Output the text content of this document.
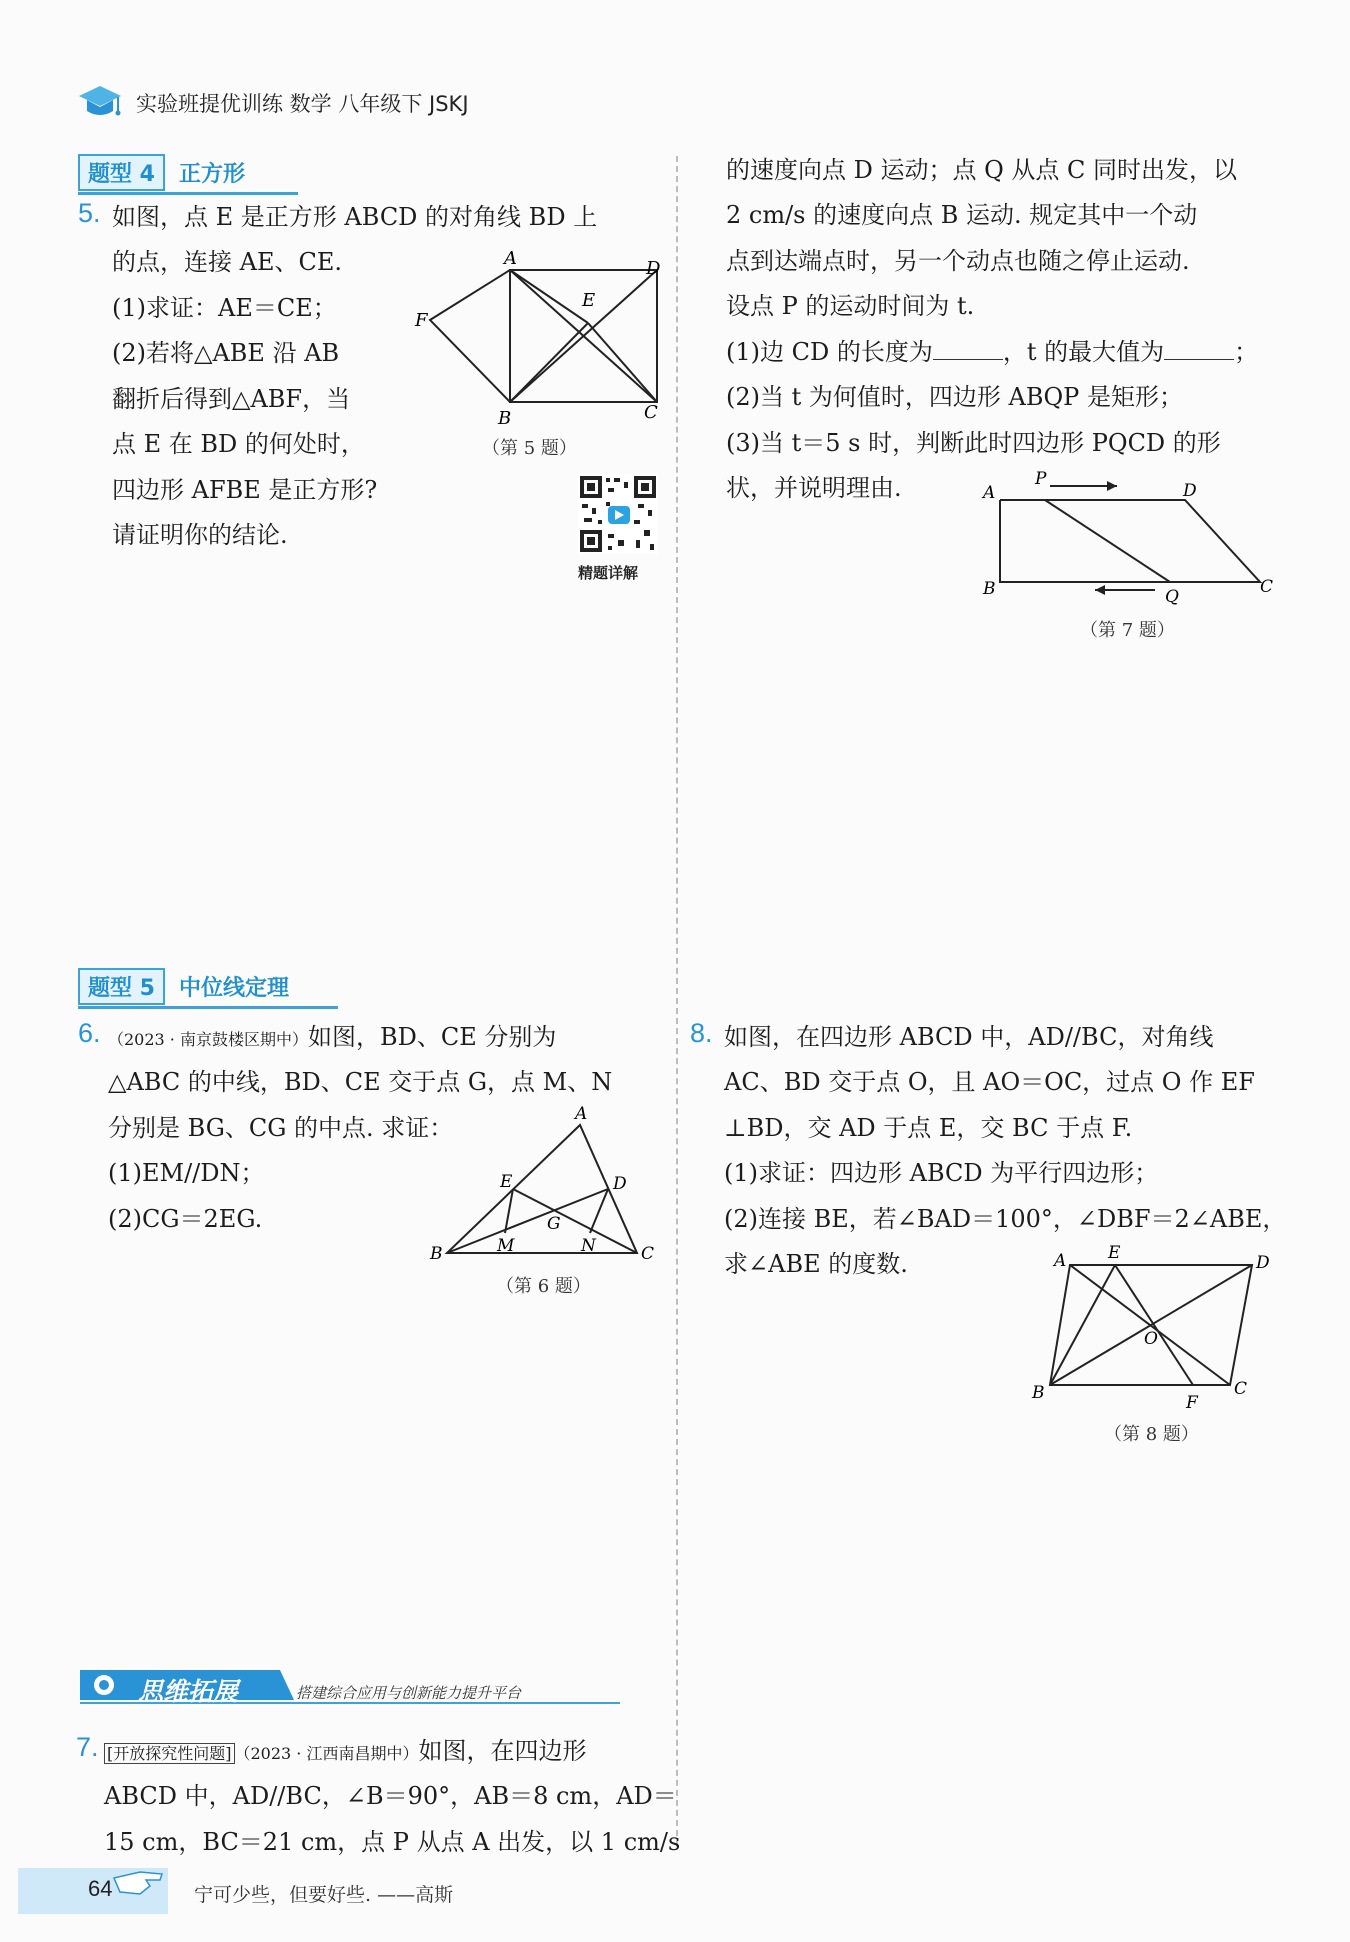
实验班提优训练 数学 八年级下 JSKJ
题型 4 正方形
5. 如图，点 E 是正方形 ABCD 的对角线 BD 上
的点，连接 AE、CE.
(1)求证：AE＝CE；
(2)若将△ABE 沿 AB
翻折后得到△ABF，当
点 E 在 BD 的何处时，
四边形 AFBE 是正方形?
请证明你的结论.
A	D
E
F
B	C
（第 5 题）
精题详解
的速度向点 D 运动；点 Q 从点 C 同时出发，以
2 cm/s 的速度向点 B 运动. 规定其中一个动
点到达端点时，另一个动点也随之停止运动.
设点 P 的运动时间为 t.
(1)边 CD 的长度为	，t 的最大值为	；
(2)当 t 为何值时，四边形 ABQP 是矩形；
(3)当 t＝5 s 时，判断此时四边形 PQCD 的形
状，并说明理由.	A
P
D
B	Q	C
（第 7 题）
题型 5 中位线定理
6. （2023 · 南京鼓楼区期中）如图，BD、CE 分别为
△ABC 的中线，BD、CE 交于点 G，点 M、N
分别是 BG、CG 的中点. 求证：
(1)EM//DN；
(2)CG＝2EG.
A
E	D
G
B	M	N	C
（第 6 题）
8. 如图，在四边形 ABCD 中，AD//BC，对角线
AC、BD 交于点 O，且 AO＝OC，过点 O 作 EF
⊥BD，交 AD 于点 E，交 BC 于点 F.
(1)求证：四边形 ABCD 为平行四边形；
(2)连接 BE，若∠BAD＝100°，∠DBF＝2∠ABE，
求∠ABE 的度数.	A E	D
O
B	F
C
（第 8 题）
思维拓展	搭建综合应用与创新能力提升平台
7. [开放探究性问题] （2023 · 江西南昌期中）如图，在四边形
ABCD 中，AD//BC，∠B＝90°，AB＝8 cm，AD＝
15 cm，BC＝21 cm，点 P 从点 A 出发，以 1 cm/s
64	宁可少些，但要好些. ——高斯
